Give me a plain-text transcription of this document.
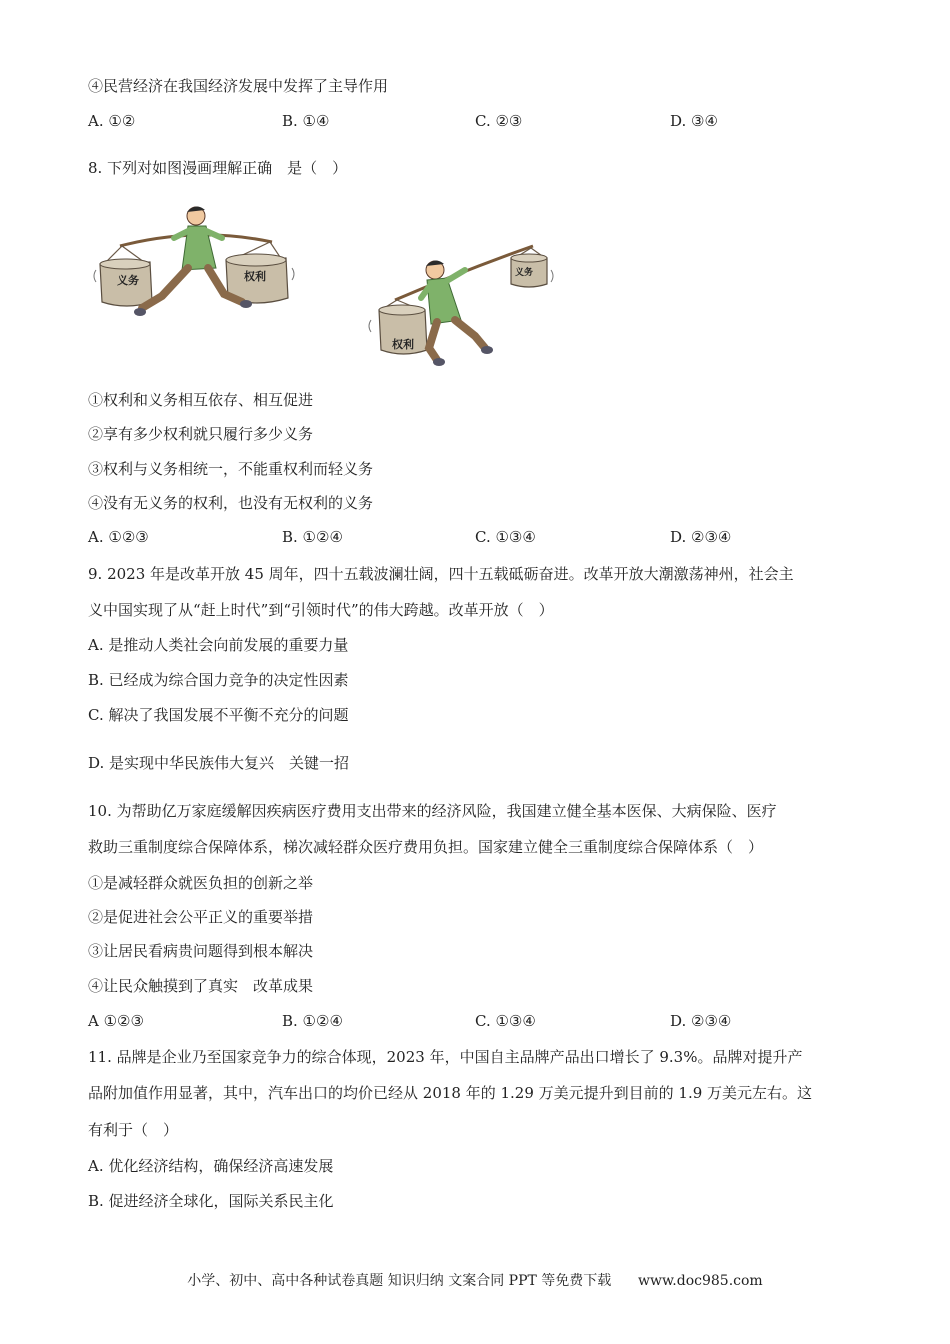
④民营经济在我国经济发展中发挥了主导作用
A. ①②	B. ①④	C. ②③	D. ③④
8. 下列对如图漫画理解正确　是（　）
义务	权利
权利
义务
①权利和义务相互依存、相互促进
②享有多少权利就只履行多少义务
③权利与义务相统一，不能重权利而轻义务
④没有无义务的权利，也没有无权利的义务
A. ①②③	B. ①②④	C. ①③④	D. ②③④
9. 2023 年是改革开放 45 周年，四十五载波澜壮阔，四十五载砥砺奋进。改革开放大潮激荡神州，社会主
义中国实现了从“赶上时代”到“引领时代”的伟大跨越。改革开放（　）
A. 是推动人类社会向前发展的重要力量
B. 已经成为综合国力竞争的决定性因素
C. 解决了我国发展不平衡不充分的问题
D. 是实现中华民族伟大复兴　关键一招
10. 为帮助亿万家庭缓解因疾病医疗费用支出带来的经济风险，我国建立健全基本医保、大病保险、医疗
救助三重制度综合保障体系，梯次减轻群众医疗费用负担。国家建立健全三重制度综合保障体系（　）
①是减轻群众就医负担的创新之举
②是促进社会公平正义的重要举措
③让居民看病贵问题得到根本解决
④让民众触摸到了真实　改革成果
A ①②③	B. ①②④	C. ①③④	D. ②③④
11. 品牌是企业乃至国家竞争力的综合体现，2023 年，中国自主品牌产品出口增长了 9.3%。品牌对提升产
品附加值作用显著，其中，汽车出口的均价已经从 2018 年的 1.29 万美元提升到目前的 1.9 万美元左右。这
有利于（　）
A. 优化经济结构，确保经济高速发展
B. 促进经济全球化，国际关系民主化
小学、初中、高中各种试卷真题 知识归纳 文案合同 PPT 等免费下载 www.doc985.com
